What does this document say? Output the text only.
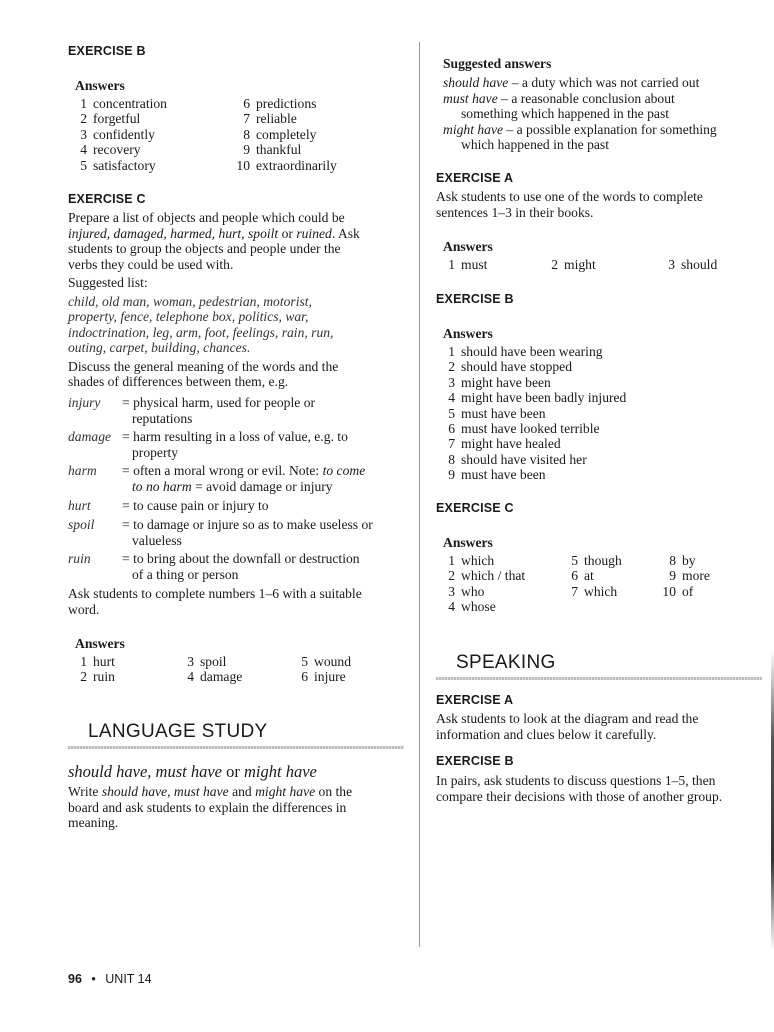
EXERCISE B
Answers
1 concentration
2 forgetful
3 confidently
4 recovery
5 satisfactory
6 predictions
7 reliable
8 completely
9 thankful
10 extraordinarily
EXERCISE C
Prepare a list of objects and people which could be
injured, damaged, harmed, hurt, spoilt or ruined. Ask
students to group the objects and people under the
verbs they could be used with.
Suggested list:
child, old man, woman, pedestrian, motorist,
property, fence, telephone box, politics, war,
indoctrination, leg, arm, foot, feelings, rain, run,
outing, carpet, building, chances.
Discuss the general meaning of the words and the
shades of differences between them, e.g.
injury = physical harm, used for people or
reputations
damage = harm resulting in a loss of value, e.g. to
property
harm = often a moral wrong or evil. Note: to come
to no harm = avoid damage or injury
hurt = to cause pain or injury to
spoil = to damage or injure so as to make useless or
valueless
ruin = to bring about the downfall or destruction
of a thing or person
Ask students to complete numbers 1–6 with a suitable
word.
Answers
1 hurt
2 ruin
3 spoil
4 damage
5 wound
6 injure
LANGUAGE STUDY
should have, must have or might have
Write should have, must have and might have on the
board and ask students to explain the differences in
meaning.
Suggested answers
should have – a duty which was not carried out
must have – a reasonable conclusion about
something which happened in the past
might have – a possible explanation for something
which happened in the past
EXERCISE A
Ask students to use one of the words to complete
sentences 1–3 in their books.
Answers
1 must	2 might	3 should
EXERCISE B
Answers
1 should have been wearing
2 should have stopped
3 might have been
4 might have been badly injured
5 must have been
6 must have looked terrible
7 might have healed
8 should have visited her
9 must have been
EXERCISE C
Answers
1 which
2 which / that
3 who
4 whose
5 though
6 at
7 which
8 by
9 more
10 of
SPEAKING
EXERCISE A
Ask students to look at the diagram and read the
information and clues below it carefully.
EXERCISE B
In pairs, ask students to discuss questions 1–5, then
compare their decisions with those of another group.
96 • UNIT 14
